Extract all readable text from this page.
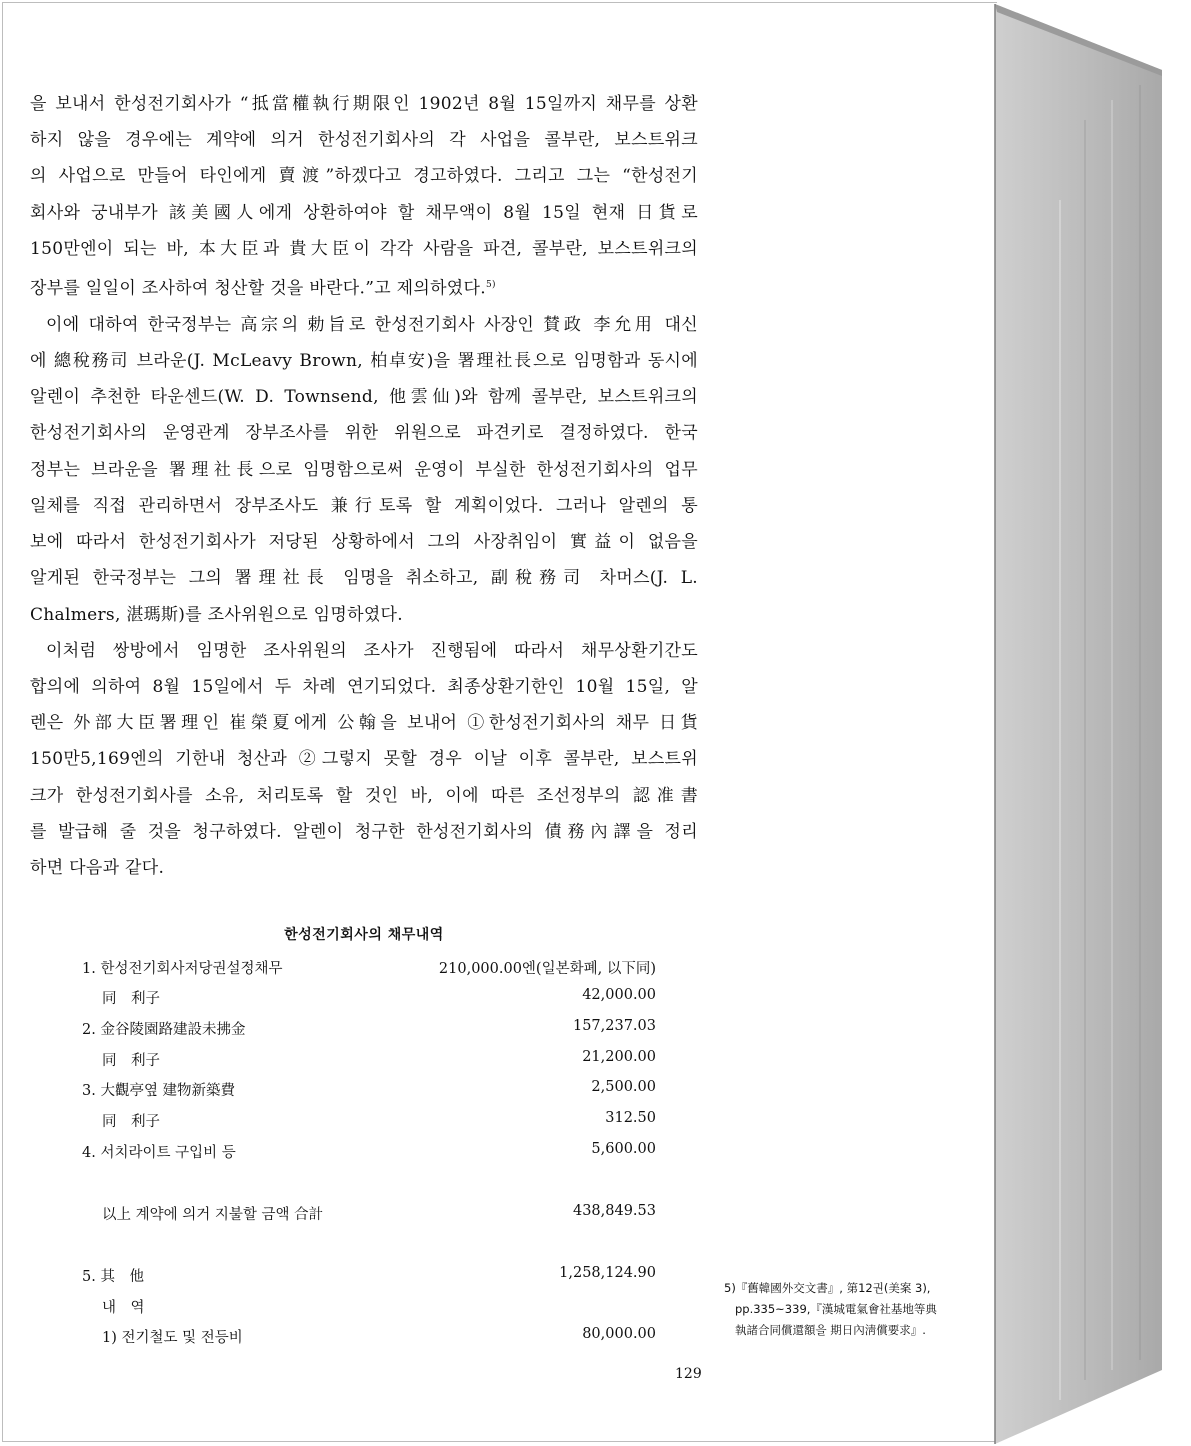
을 보내서 한성전기회사가 “抵當權執行期限인 1902년 8월 15일까지 채무를 상환
하지 않을 경우에는 계약에 의거 한성전기회사의 각 사업을 콜부란, 보스트위크
의 사업으로 만들어 타인에게 賣渡”하겠다고 경고하였다. 그리고 그는 “한성전기
회사와 궁내부가 該美國人에게 상환하여야 할 채무액이 8월 15일 현재 日貨로
150만엔이 되는 바, 本大臣과 貴大臣이 각각 사람을 파견, 콜부란, 보스트위크의
장부를 일일이 조사하여 청산할 것을 바란다.”고 제의하였다.$^{5)}$
이에 대하여 한국정부는 高宗의 勅旨로 한성전기회사 사장인 賛政 李允用 대신
에 總稅務司 브라운(J. McLeavy Brown, 柏卓安)을 署理社長으로 임명함과 동시에
알렌이 추천한 타운센드(W. D. Townsend, 他雲仙)와 함께 콜부란, 보스트위크의
한성전기회사의 운영관계 장부조사를 위한 위원으로 파견키로 결정하였다. 한국
정부는 브라운을 署理社長으로 임명함으로써 운영이 부실한 한성전기회사의 업무
일체를 직접 관리하면서 장부조사도 兼行토록 할 계획이었다. 그러나 알렌의 통
보에 따라서 한성전기회사가 저당된 상황하에서 그의 사장취임이 實益이 없음을
알게된 한국정부는 그의 署理社長 임명을 취소하고, 副稅務司 차머스(J. L.
Chalmers, 湛瑪斯)를 조사위원으로 임명하였다.
이처럼 쌍방에서 임명한 조사위원의 조사가 진행됨에 따라서 채무상환기간도
합의에 의하여 8월 15일에서 두 차례 연기되었다. 최종상환기한인 10월 15일, 알
렌은 外部大臣署理인 崔榮夏에게 公翰을 보내어 ①한성전기회사의 채무 日貨
150만5,169엔의 기한내 청산과 ②그렇지 못할 경우 이날 이후 콜부란, 보스트위
크가 한성전기회사를 소유, 처리토록 할 것인 바, 이에 따른 조선정부의 認准書
를 발급해 줄 것을 청구하였다. 알렌이 청구한 한성전기회사의 債務內譯을 정리
하면 다음과 같다.
한성전기회사의 채무내역
1. 한성전기회사저당권설정채무	210,000.00엔(일본화폐, 以下同)
同　利子	42,000.00
2. 金谷陵園路建設未拂金	157,237.03
同　利子	21,200.00
3. 大觀亭옆 建物新築費	2,500.00
同　利子	312.50
4. 서치라이트 구입비 등	5,600.00
以上 계약에 의거 지불할 금액 合計	438,849.53
5. 其　他	1,258,124.90
내　역
1) 전기철도 및 전등비	80,000.00
5)『舊韓國外交文書』, 第12권(美案 3),
pp.335~339,『漢城電氣會社基地等典
執諸合同償還額을 期日內淸償要求』.
129
